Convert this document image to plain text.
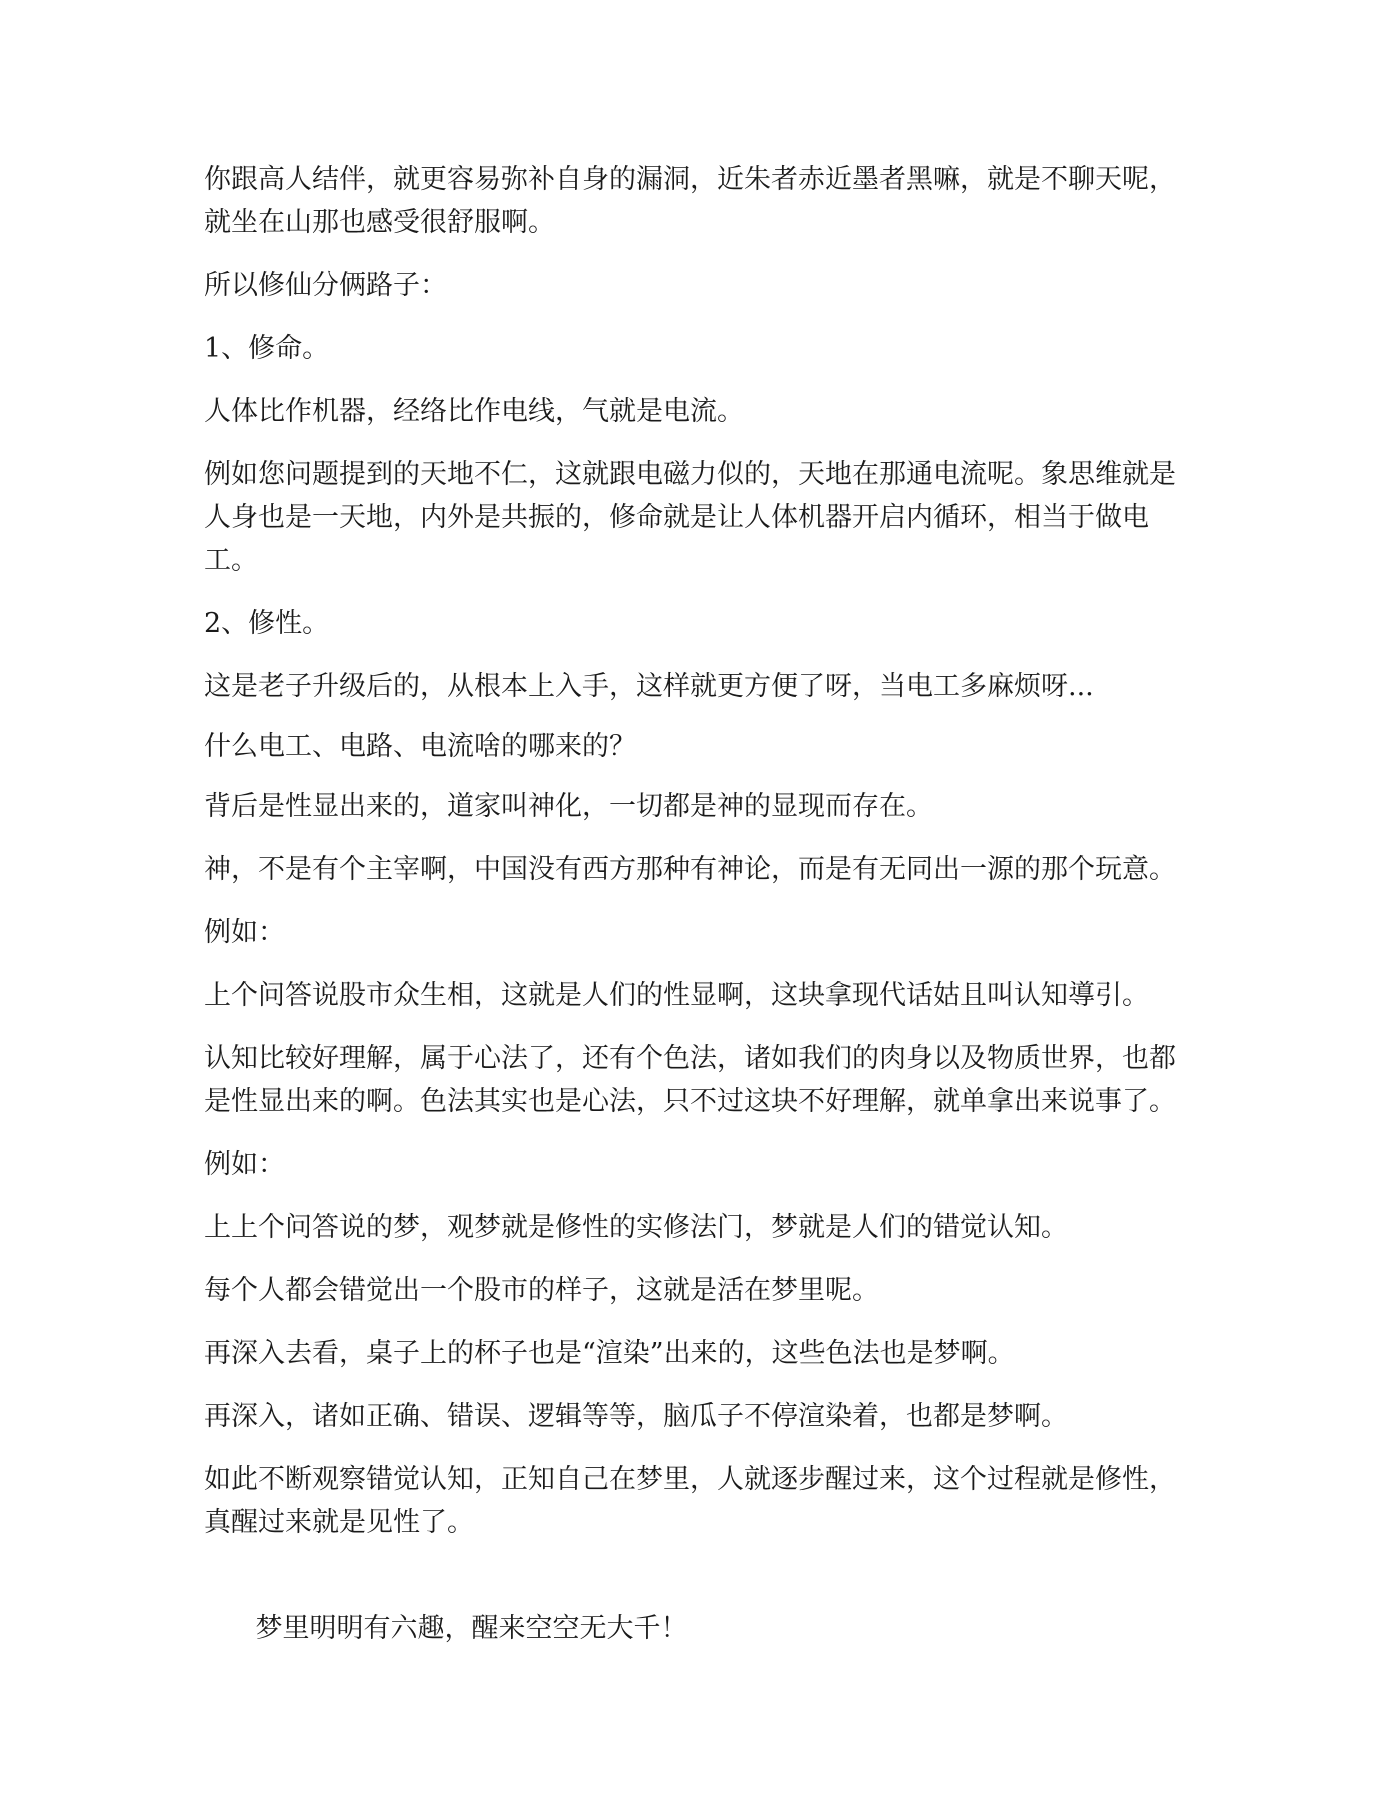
你跟高人结伴，就更容易弥补自身的漏洞，近朱者赤近墨者黑嘛，就是不聊天呢，就坐在山那也感受很舒服啊。

所以修仙分俩路子：

1、修命。

人体比作机器，经络比作电线，气就是电流。

例如您问题提到的天地不仁，这就跟电磁力似的，天地在那通电流呢。象思维就是人身也是一天地，内外是共振的，修命就是让人体机器开启内循环，相当于做电工。

2、修性。

这是老子升级后的，从根本上入手，这样就更方便了呀，当电工多麻烦呀...

什么电工、电路、电流啥的哪来的？

背后是性显出来的，道家叫神化，一切都是神的显现而存在。

神，不是有个主宰啊，中国没有西方那种有神论，而是有无同出一源的那个玩意。

例如：

上个问答说股市众生相，这就是人们的性显啊，这块拿现代话姑且叫认知導引。

认知比较好理解，属于心法了，还有个色法，诸如我们的肉身以及物质世界，也都是性显出来的啊。色法其实也是心法，只不过这块不好理解，就单拿出来说事了。

例如：

上上个问答说的梦，观梦就是修性的实修法门，梦就是人们的错觉认知。

每个人都会错觉出一个股市的样子，这就是活在梦里呢。

再深入去看，桌子上的杯子也是“渲染”出来的，这些色法也是梦啊。

再深入，诸如正确、错误、逻辑等等，脑瓜子不停渲染着，也都是梦啊。

如此不断观察错觉认知，正知自己在梦里，人就逐步醒过来，这个过程就是修性，真醒过来就是见性了。

梦里明明有六趣，醒来空空无大千！
